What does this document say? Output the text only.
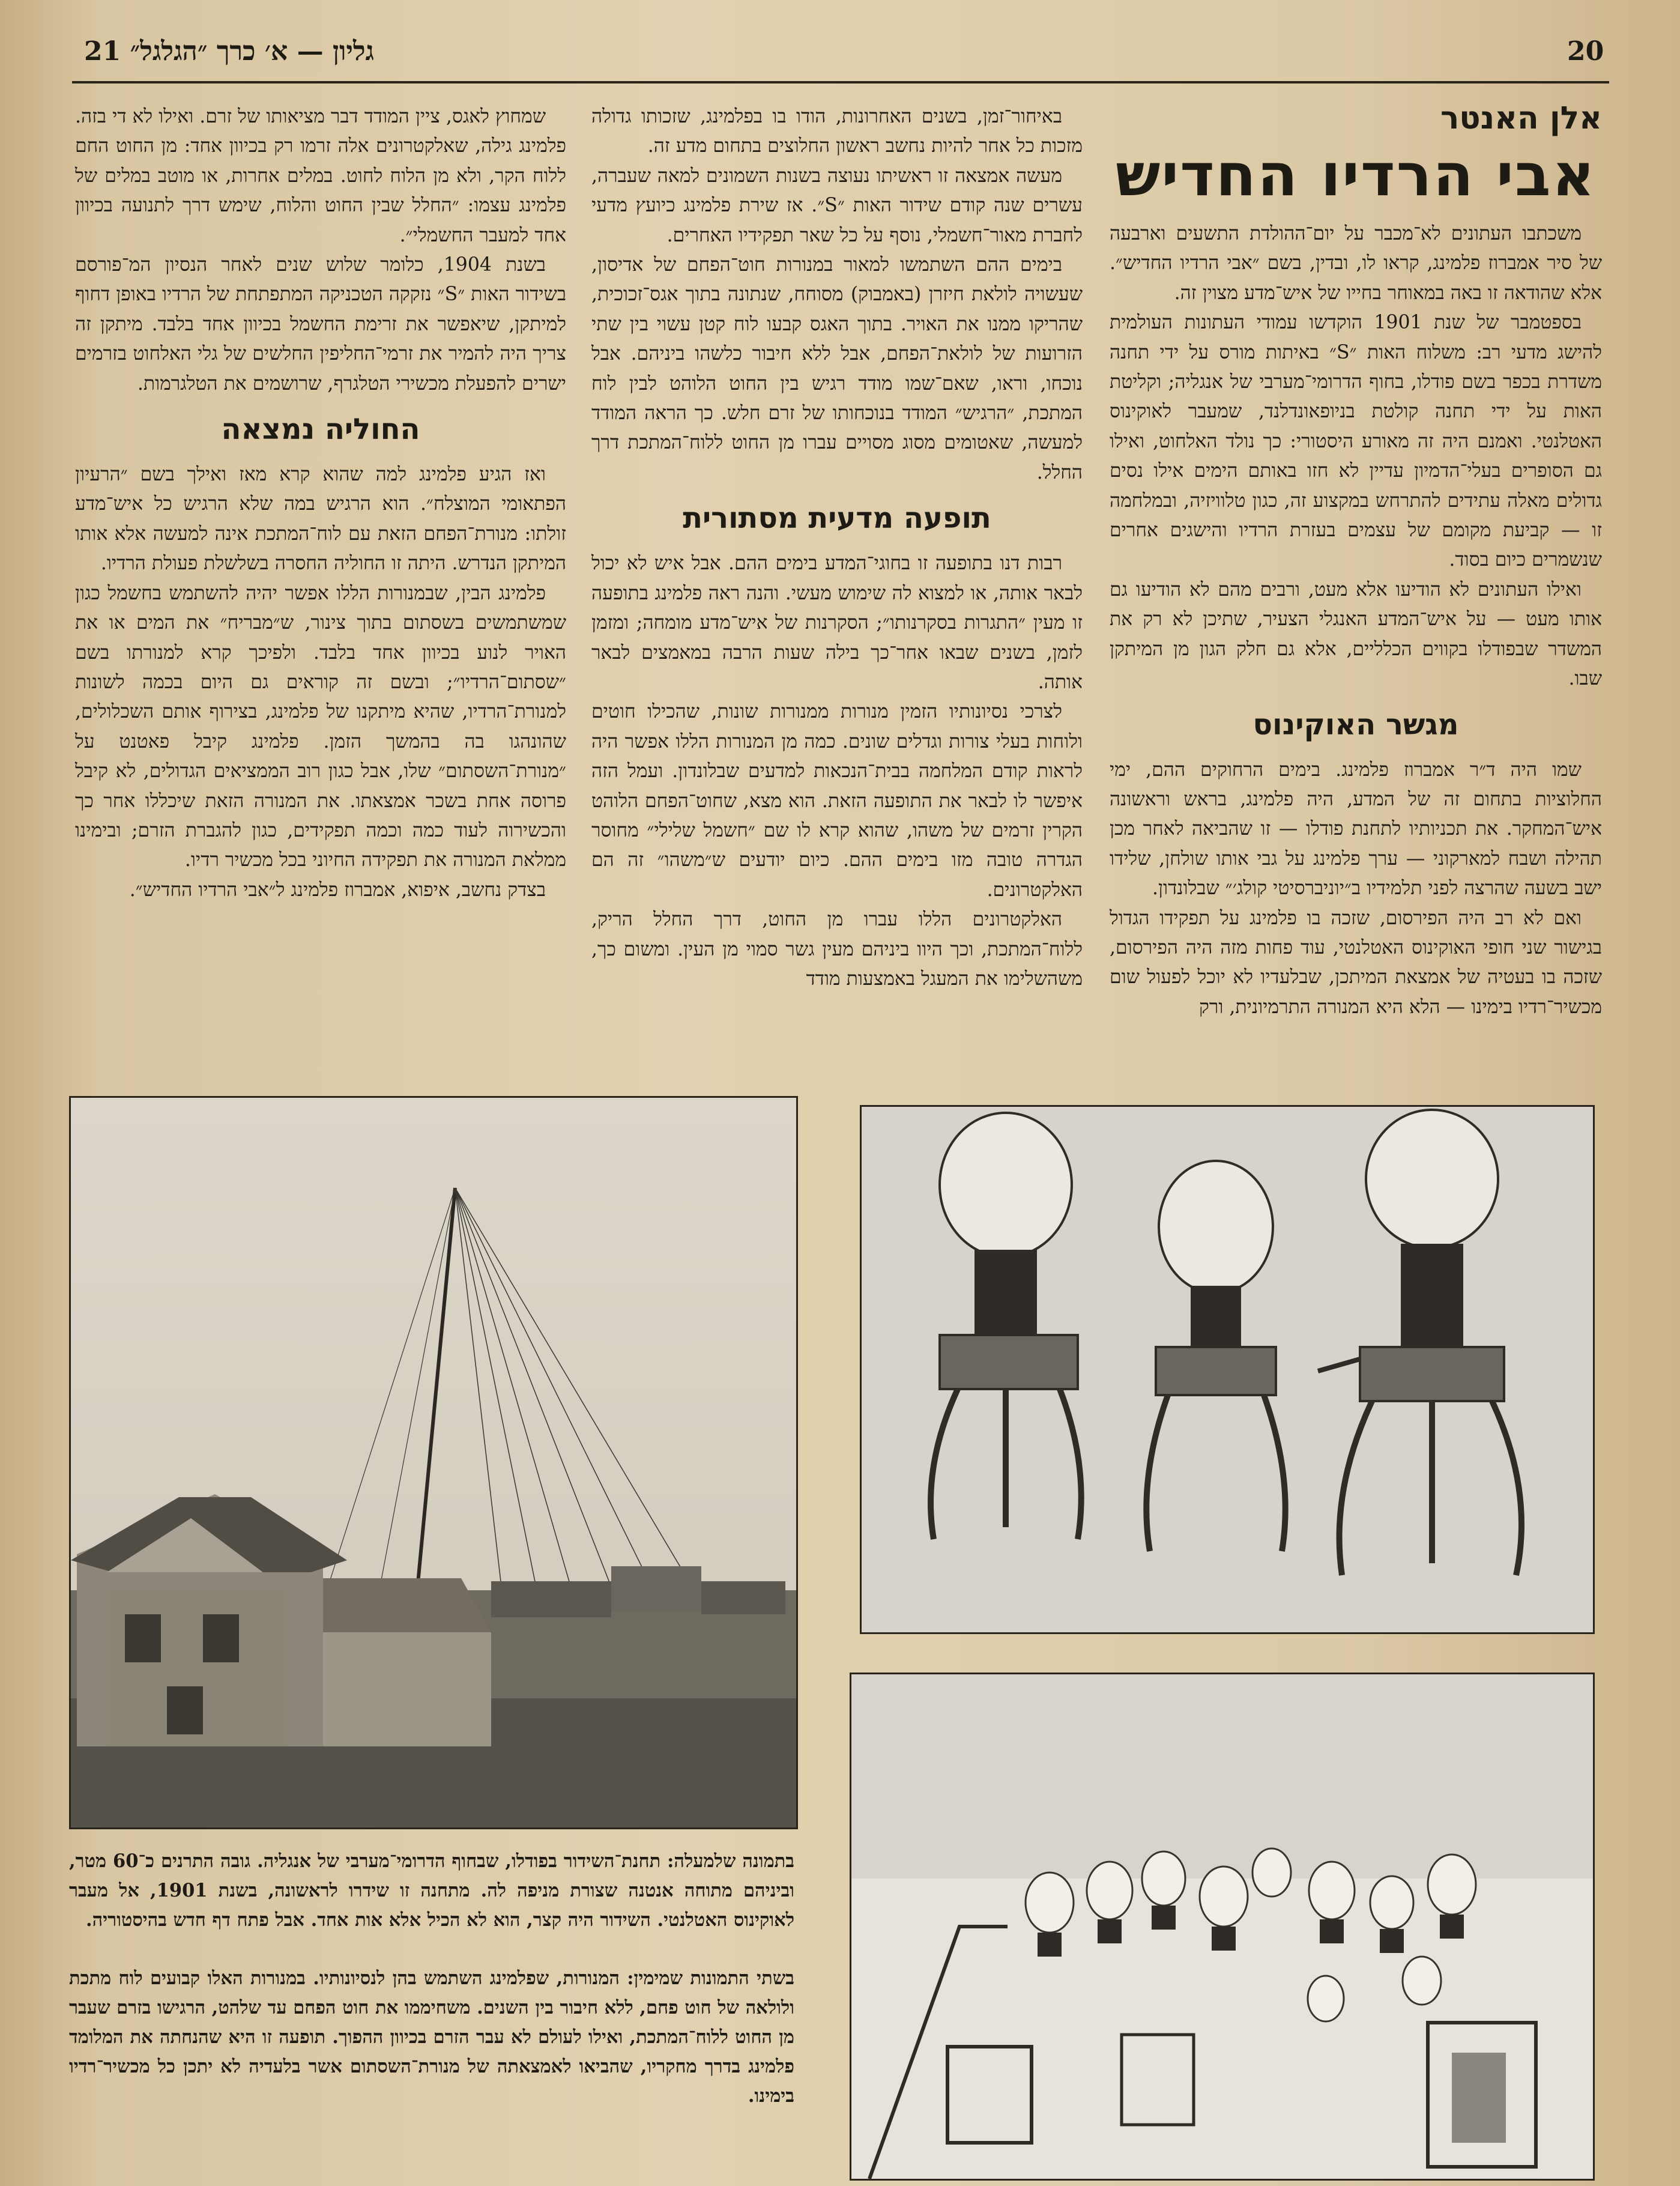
21 גליון — א׳ כרך ״הגלגל״	20
אלן האנטר
אבי הרדיו החדיש

משכתבו העתונים לא־מכבר על יום־ההולדת התשעים וארבעה של סיר אמברוז פלמינג, קראו לו, ובדין, בשם ״אבי הרדיו החדיש״. אלא שהודאה זו באה במאוחר בחייו של איש־מדע מצוין זה.

בספטמבר של שנת 1901 הוקדשו עמודי העתונות העולמית להישג מדעי רב: משלוח האות ״S״ באיתות מורס על ידי תחנה משדרת בכפר בשם פודלו, בחוף הדרומי־מערבי של אנגליה; וקליטת האות על ידי תחנה קולטת בניופאונדלנד, שמעבר לאוקינוס האטלנטי. ואמנם היה זה מאורע היסטורי: כך נולד האלחוט, ואילו גם הסופרים בעלי־הדמיון עדיין לא חזו באותם הימים אילו נסים גדולים מאלה עתידים להתרחש במקצוע זה, כגון טלוויזיה, ובמלחמה זו — קביעת מקומם של עצמים בעזרת הרדיו והישגים אחרים שנשמרים כיום בסוד.

ואילו העתונים לא הודיעו אלא מעט, ורבים מהם לא הודיעו גם אותו מעט — על איש־המדע האנגלי הצעיר, שתיכן לא רק את המשדר שבפודלו בקווים הכלליים, אלא גם חלק הגון מן המיתקן שבו.

מגשר האוקינוס

שמו היה ד״ר אמברוז פלמינג. בימים הרחוקים ההם, ימי החלוציות בתחום זה של המדע, היה פלמינג, בראש וראשונה איש־המחקר. את תכניותיו לתחנת פודלו — זו שהביאה לאחר מכן תהילה ושבח למארקוני — ערך פלמינג על גבי אותו שולחן, שלידו ישב בשעה שהרצה לפני תלמידיו ב״יוניברסיטי קולג׳״ שבלונדון.

ואם לא רב היה הפירסום, שזכה בו פלמינג על תפקידו הגדול בגישור שני חופי האוקינוס האטלנטי, עוד פחות מזה היה הפירסום, שזכה בו בעטיה של אמצאת המיתכן, שבלעדיו לא יוכל לפעול שום מכשיר־רדיו בימינו — הלא היא המנורה התרמיונית, ורק

באיחור־זמן, בשנים האחרונות, הודו בו בפלמינג, שזכותו גדולה מזכות כל אחר להיות נחשב ראשון החלוצים בתחום מדע זה.

מעשה אמצאה זו ראשיתו נעוצה בשנות השמונים למאה שעברה, עשרים שנה קודם שידור האות ״S״. אז שירת פלמינג כיועץ מדעי לחברת מאור־חשמלי, נוסף על כל שאר תפקידיו האחרים.

בימים ההם השתמשו למאור במנורות חוט־הפחם של אדיסון, שעשויה לולאת חיזרן (באמבוק) מסוחח, שנתונה בתוך אגס־זכוכית, שהריקו ממנו את האויר. בתוך האגס קבעו לוח קטן עשוי בין שתי הזרועות של לולאת־הפחם, אבל ללא חיבור כלשהו ביניהם. אבל נוכחו, וראו, שאם־שמו מודד רגיש בין החוט הלוהט לבין לוח המתכת, ״הרגיש״ המודד בנוכחותו של זרם חלש. כך הראה המודד למעשה, שאטומים מסוג מסויים עברו מן החוט ללוח־המתכת דרך החלל.

תופעה מדעית מסתורית

רבות דנו בתופעה זו בחוגי־המדע בימים ההם. אבל איש לא יכול לבאר אותה, או למצוא לה שימוש מעשי. והנה ראה פלמינג בתופעה זו מעין ״התגרות בסקרנותו״; הסקרנות של איש־מדע מומחה; ומזמן לזמן, בשנים שבאו אחר־כך בילה שעות הרבה במאמצים לבאר אותה.

לצרכי נסיונותיו הזמין מנורות ממנורות שונות, שהכילו חוטים ולוחות בעלי צורות וגדלים שונים. כמה מן המנורות הללו אפשר היה לראות קודם המלחמה בבית־הנכאות למדעים שבלונדון. ועמל הזה איפשר לו לבאר את התופעה הזאת. הוא מצא, שחוט־הפחם הלוהט הקרין זרמים של משהו, שהוא קרא לו שם ״חשמל שלילי״ מחוסר הגדרה טובה מזו בימים ההם. כיום יודעים ש״משהו״ זה הם האלקטרונים.

האלקטרונים הללו עברו מן החוט, דרך החלל הריק, ללוח־המתכת, וכך היוו ביניהם מעין גשר סמוי מן העין. ומשום כך, משהשלימו את המעגל באמצעות מודד

שמחוץ לאגס, ציין המודד דבר מציאותו של זרם. ואילו לא די בזה. פלמינג גילה, שאלקטרונים אלה זרמו רק בכיוון אחד: מן החוט החם ללוח הקר, ולא מן הלוח לחוט. במלים אחרות, או מוטב במלים של פלמינג עצמו: ״החלל שבין החוט והלוח, שימש דרך לתנועה בכיוון אחד למעבר החשמלי״.

בשנת 1904, כלומר שלוש שנים לאחר הנסיון המ־פורסם בשידור האות ״S״ נזקקה הטכניקה המתפתחת של הרדיו באופן דחוף למיתקן, שיאפשר את זרימת החשמל בכיוון אחד בלבד. מיתקן זה צריך היה להמיר את זרמי־החליפין החלשים של גלי האלחוט בזרמים ישרים להפעלת מכשירי הטלגרף, שרושמים את הטלגרמות.

החוליה נמצאה

ואז הגיע פלמינג למה שהוא קרא מאז ואילך בשם ״הרעיון הפתאומי המוצלח״. הוא הרגיש במה שלא הרגיש כל איש־מדע זולתו: מנורת־הפחם הזאת עם לוח־המתכת אינה למעשה אלא אותו המיתקן הנדרש. היתה זו החוליה החסרה בשלשלת פעולת הרדיו.

פלמינג הבין, שבמנורות הללו אפשר יהיה להשתמש בחשמל כגון שמשתמשים בשסתום בתוך צינור, ש״מבריח״ את המים או את האויר לנוע בכיוון אחד בלבד. ולפיכך קרא למנורתו בשם ״שסתום־הרדיו״; ובשם זה קוראים גם היום בכמה לשונות למנורת־הרדיו, שהיא מיתקנו של פלמינג, בצירוף אותם השכלולים, שהונהגו בה בהמשך הזמן. פלמינג קיבל פאטנט על ״מנורת־השסתום״ שלו, אבל כגון רוב הממציאים הגדולים, לא קיבל פרוסה אחת בשכר אמצאתו. את המנורה הזאת שיכללו אחר כך והכשירוה לעוד כמה וכמה תפקידים, כגון להגברת הזרם; ובימינו ממלאת המנורה את תפקידה החיוני בכל מכשיר רדיו.

בצדק נחשב, איפוא, אמברוז פלמינג ל״אבי הרדיו החדיש״.

בתמונה שלמעלה: תחנת־השידור בפודלו, שבחוף הדרומי־מערבי של אנגליה. גובה התרנים כ־60 מטר, וביניהם מתוחה אנטנה שצורת מניפה לה. מתחנה זו שידרו לראשונה, בשנת 1901, אל מעבר לאוקינוס האטלנטי. השידור היה קצר, הוא לא הכיל אלא אות אחד. אבל פתח דף חדש בהיסטוריה.

בשתי התמונות שמימין: המנורות, שפלמינג השתמש בהן לנסיונותיו. במנורות האלו קבועים לוח מתכת ולולאה של חוט פחם, ללא חיבור בין השנים. משחיממו את חוט הפחם עד שלהט, הרגישו בזרם שעבר מן החוט ללוח־המתכת, ואילו לעולם לא עבר הזרם בכיוון ההפוך. תופעה זו היא שהנחתה את המלומד פלמינג בדרך מחקריו, שהביאו לאמצאתה של מנורת־השסתום אשר בלעדיה לא יתכן כל מכשיר־רדיו בימינו.
